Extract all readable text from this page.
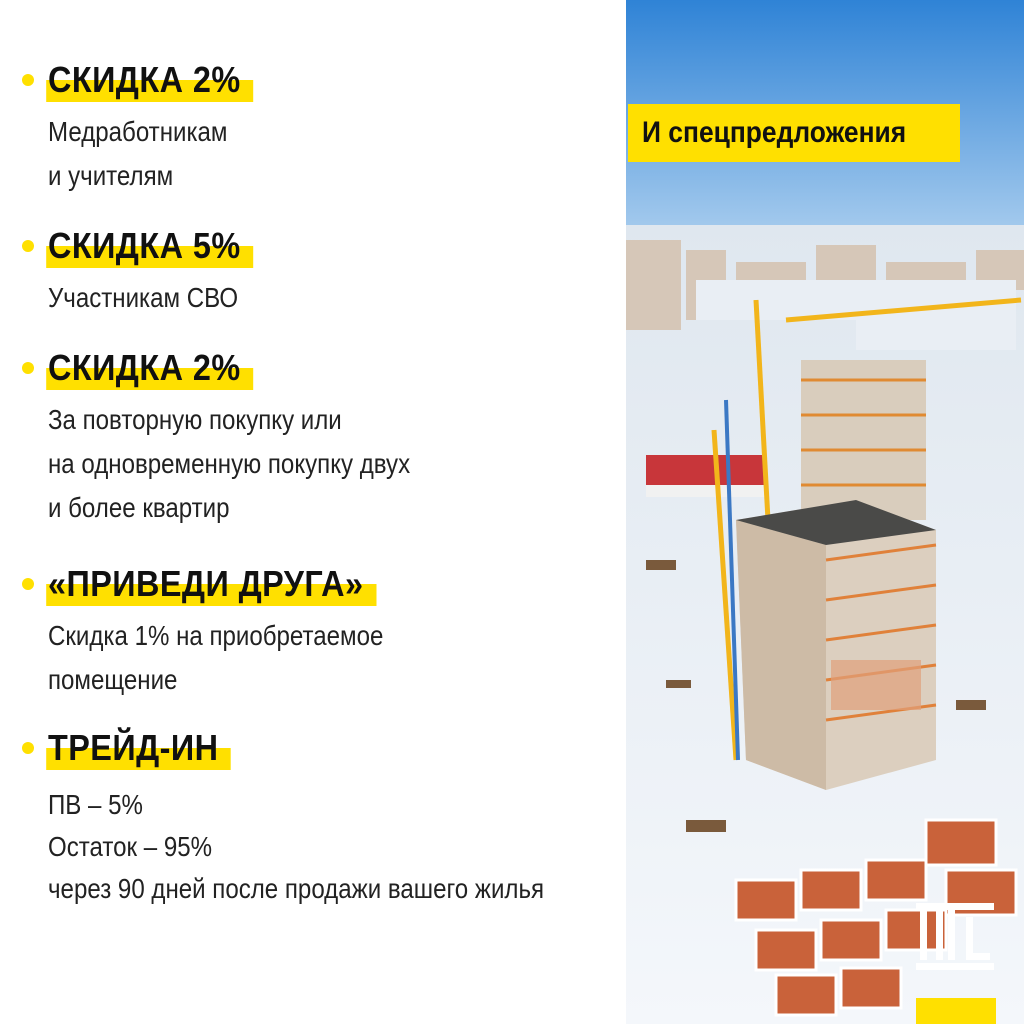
СКИДКА 2%
Медработникам
и учителям
СКИДКА 5%
Участникам СВО
СКИДКА 2%
За повторную покупку или
на одновременную покупку двух
и более квартир
«ПРИВЕДИ ДРУГА»
Скидка 1% на приобретаемое
помещение
ТРЕЙД-ИН
ПВ – 5%
Остаток – 95%
через 90 дней после продажи вашего жилья
И спецпредложения
